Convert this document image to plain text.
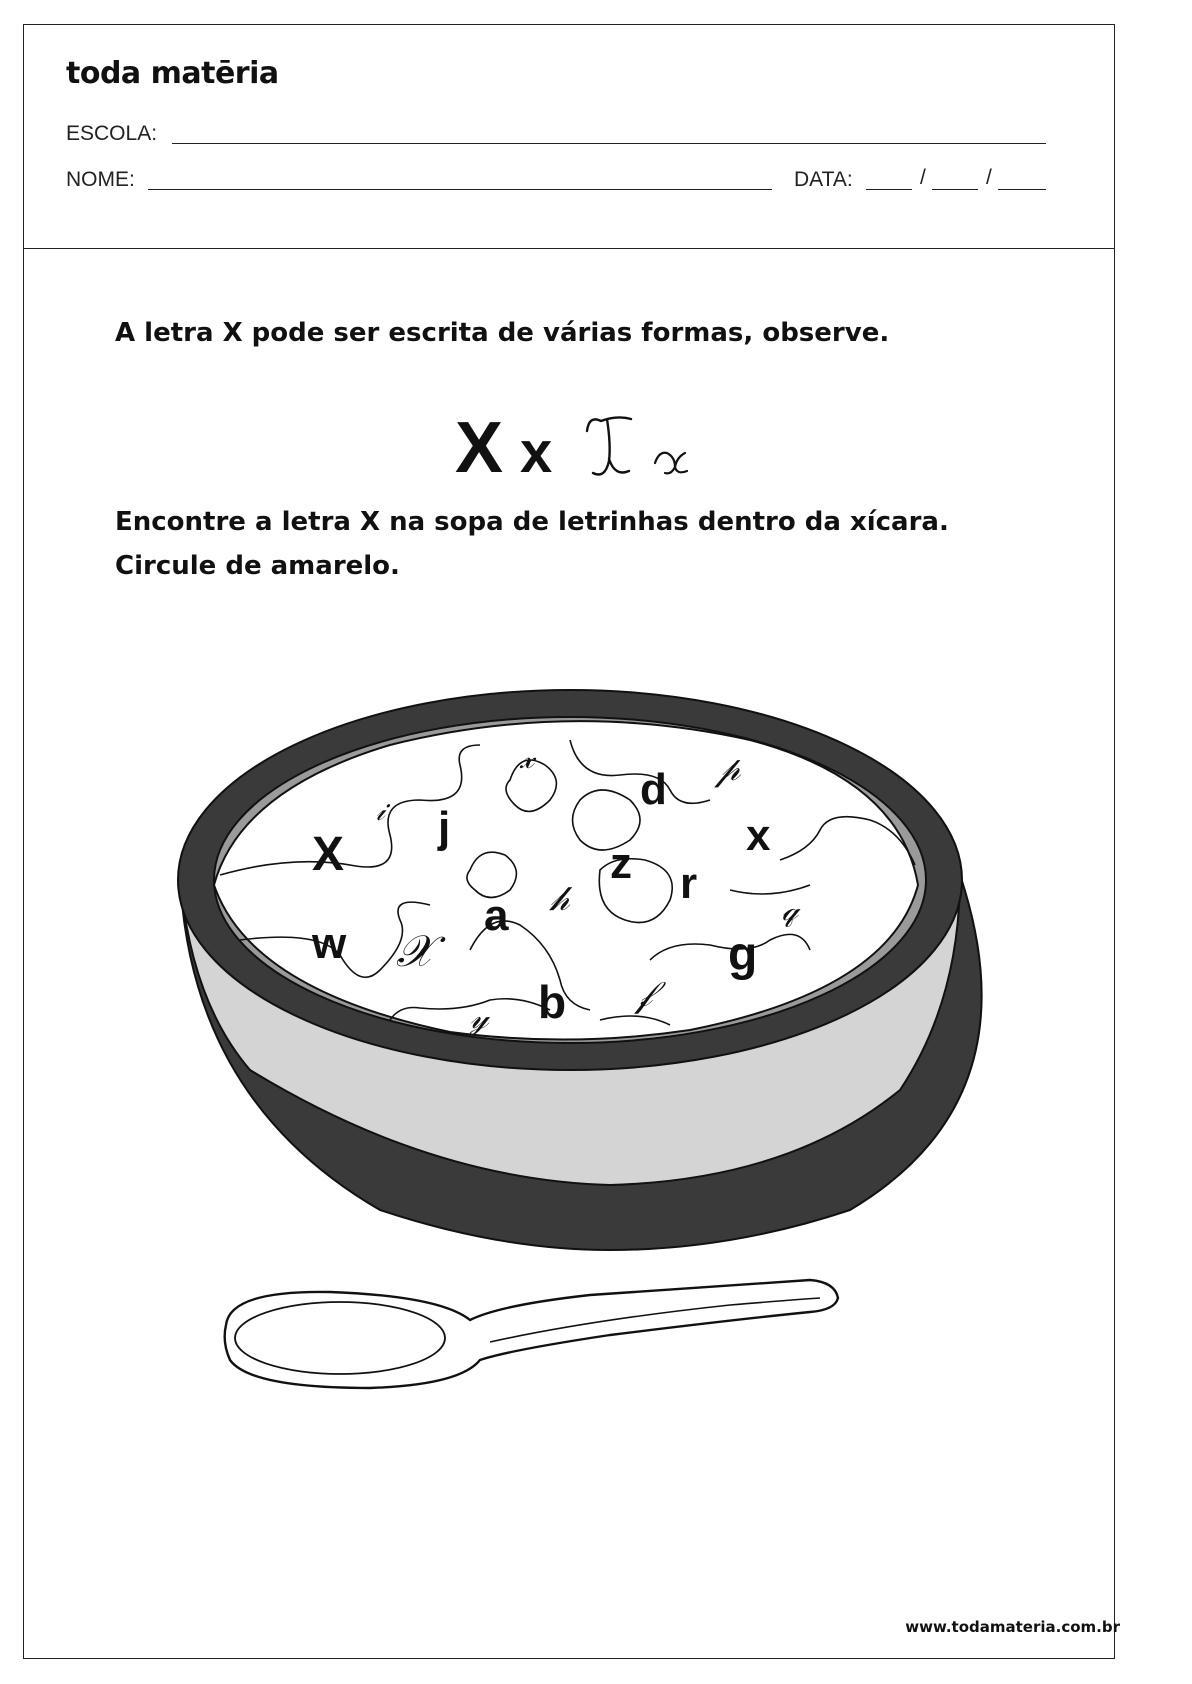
toda matēria
ESCOLA:
NOME:	DATA:	/	/
A letra X pode ser escrita de várias formas, observe.
X x
Encontre a letra X na sopa de letrinhas dentro da xícara. Circule de amarelo.
d
j
X	x
z r
a
w	g
b
𝓍	𝓅
𝒾
𝒽	𝓆
𝒳
𝒻
𝓎
www.todamateria.com.br
